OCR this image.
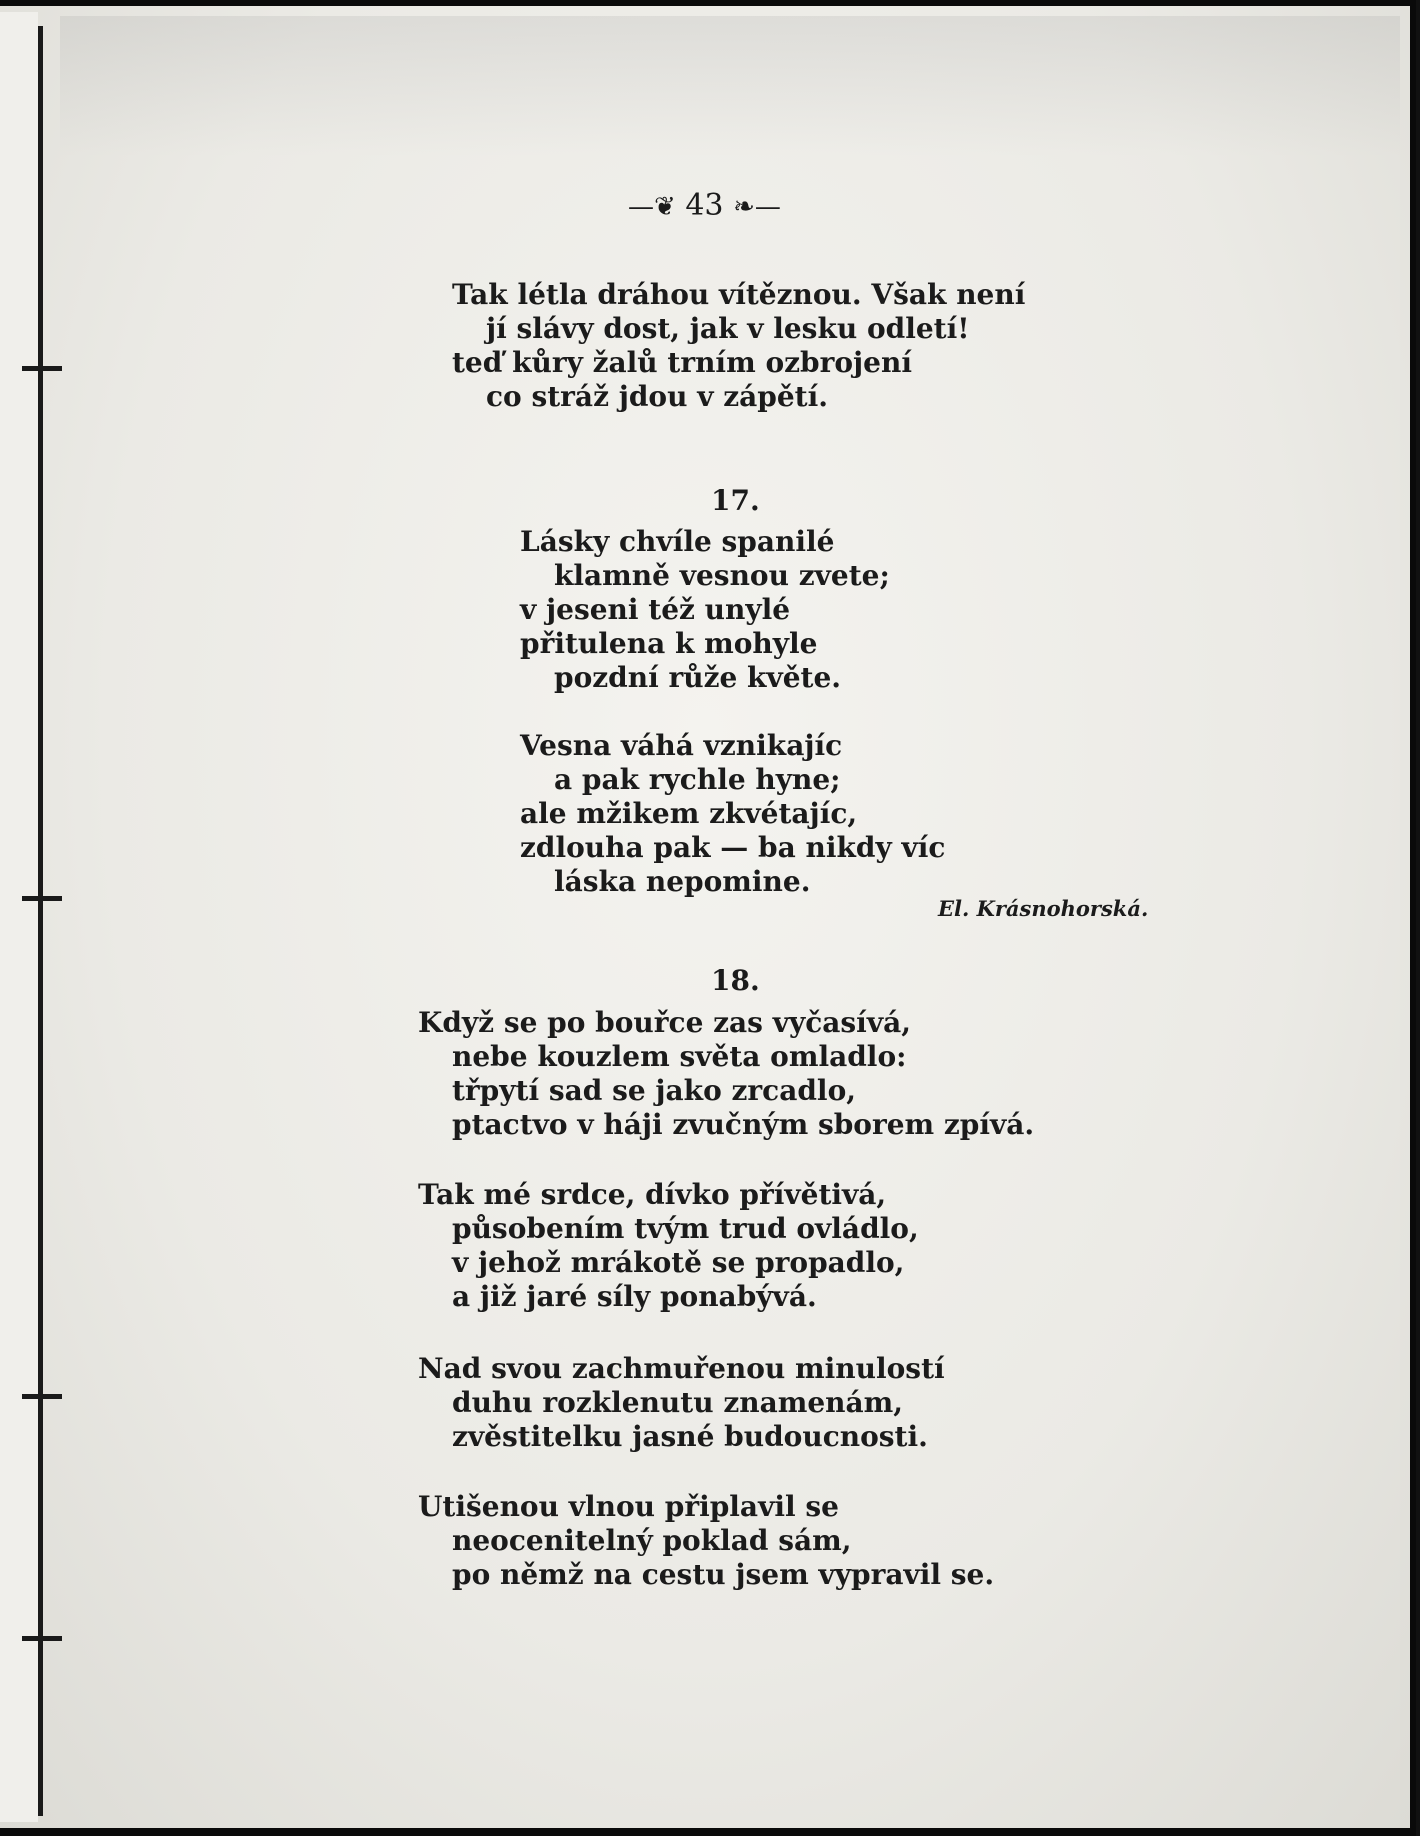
—❦ 43 ❧—
Tak létla dráhou vítěznou. Však není
jí slávy dost, jak v lesku odletí!
teď kůry žalů trním ozbrojení
co stráž jdou v zápětí.
17.
Lásky chvíle spanilé
klamně vesnou zvete;
v jeseni též unylé
přitulena k mohyle
pozdní růže květe.
Vesna váhá vznikajíc
a pak rychle hyne;
ale mžikem zkvétajíc,
zdlouha pak — ba nikdy víc
láska nepomine.
El. Krásnohorská.
18.
Když se po bouřce zas vyčasívá,
nebe kouzlem světa omladlo:
třpytí sad se jako zrcadlo,
ptactvo v háji zvučným sborem zpívá.
Tak mé srdce, dívko přívětivá,
působením tvým trud ovládlo,
v jehož mrákotě se propadlo,
a již jaré síly ponabývá.
Nad svou zachmuřenou minulostí
duhu rozklenutu znamenám,
zvěstitelku jasné budoucnosti.
Utišenou vlnou připlavil se
neocenitelný poklad sám,
po němž na cestu jsem vypravil se.
